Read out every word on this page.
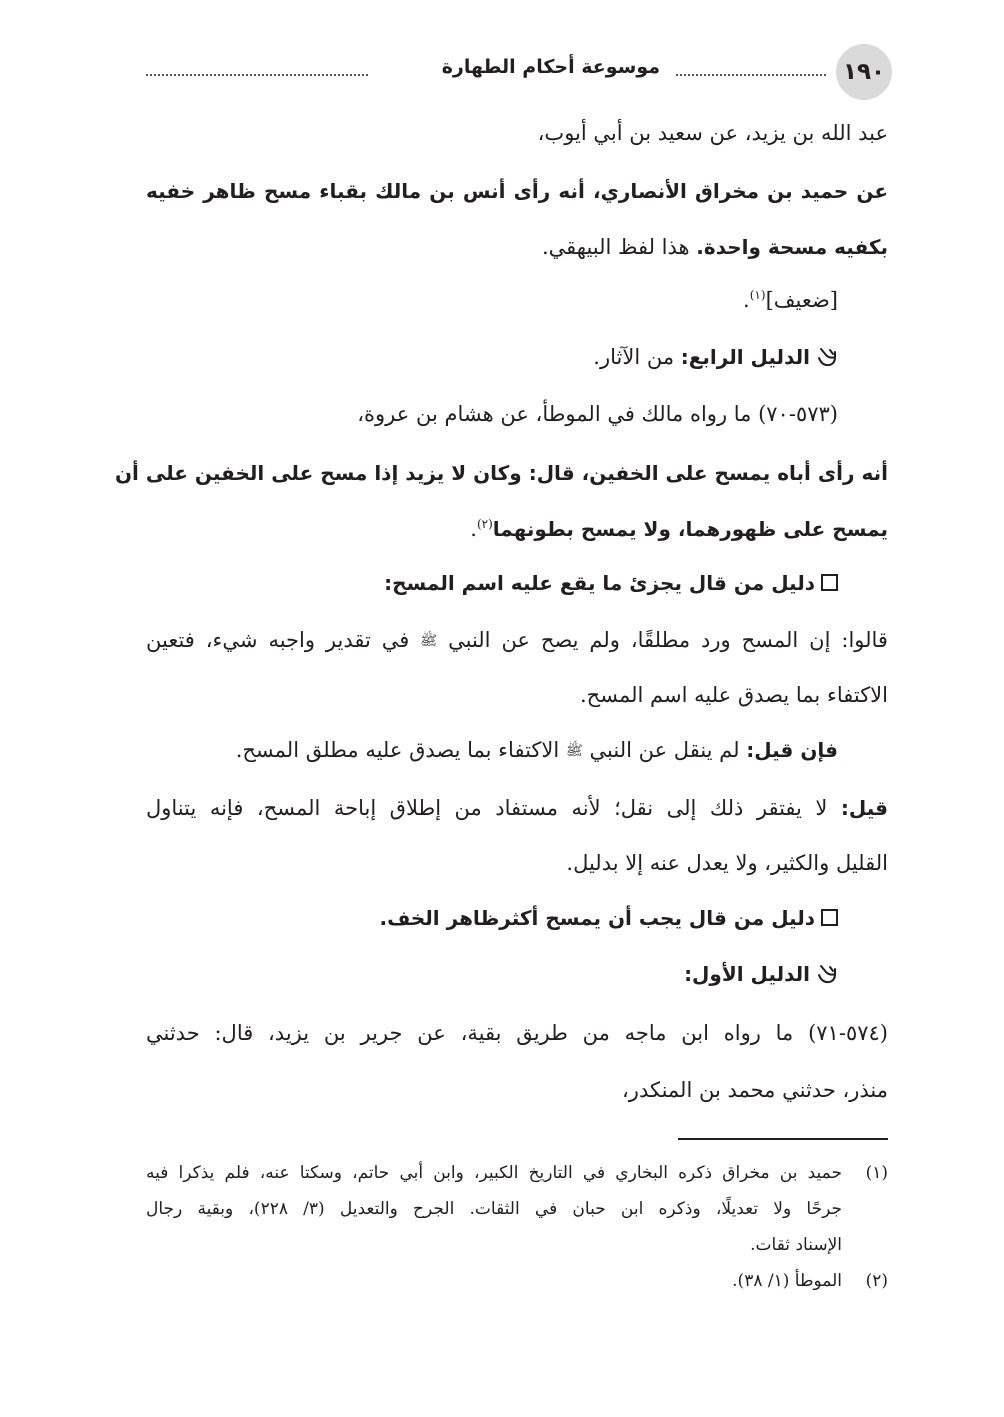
١٩٠
موسوعة أحكام الطهارة
عبد الله بن يزيد، عن سعيد بن أبي أيوب،
عن حميد بن مخراق الأنصاري، أنه رأى أنس بن مالك بقباء مسح ظاهر خفيه
بكفيه مسحة واحدة. هذا لفظ البيهقي.
[ضعيف]$^{(١)}$.
الدليل الرابع: من الآثار.
(٥٧٣-٧٠) ما رواه مالك في الموطأ، عن هشام بن عروة،
أنه رأى أباه يمسح على الخفين، قال: وكان لا يزيد إذا مسح على الخفين على أن
يمسح على ظهورهما، ولا يمسح بطونهما$^{(٢)}$.
دليل من قال يجزئ ما يقع عليه اسم المسح:
قالوا: إن المسح ورد مطلقًا، ولم يصح عن النبي ﷺ في تقدير واجبه شيء، فتعين
الاكتفاء بما يصدق عليه اسم المسح.
فإن قيل: لم ينقل عن النبي ﷺ الاكتفاء بما يصدق عليه مطلق المسح.
قيل: لا يفتقر ذلك إلى نقل؛ لأنه مستفاد من إطلاق إباحة المسح، فإنه يتناول
القليل والكثير، ولا يعدل عنه إلا بدليل.
دليل من قال يجب أن يمسح أكثرظاهر الخف.
الدليل الأول:
(٥٧٤-٧١) ما رواه ابن ماجه من طريق بقية، عن جرير بن يزيد، قال: حدثني
منذر، حدثني محمد بن المنكدر،
(١)
حميد بن مخراق ذكره البخاري في التاريخ الكبير، وابن أبي حاتم، وسكتا عنه، فلم يذكرا فيه
جرحًا ولا تعديلًا، وذكره ابن حبان في الثقات. الجرح والتعديل (٣/ ٢٢٨)، وبقية رجال
الإسناد ثقات.
(٢)
الموطأ (١/ ٣٨).
